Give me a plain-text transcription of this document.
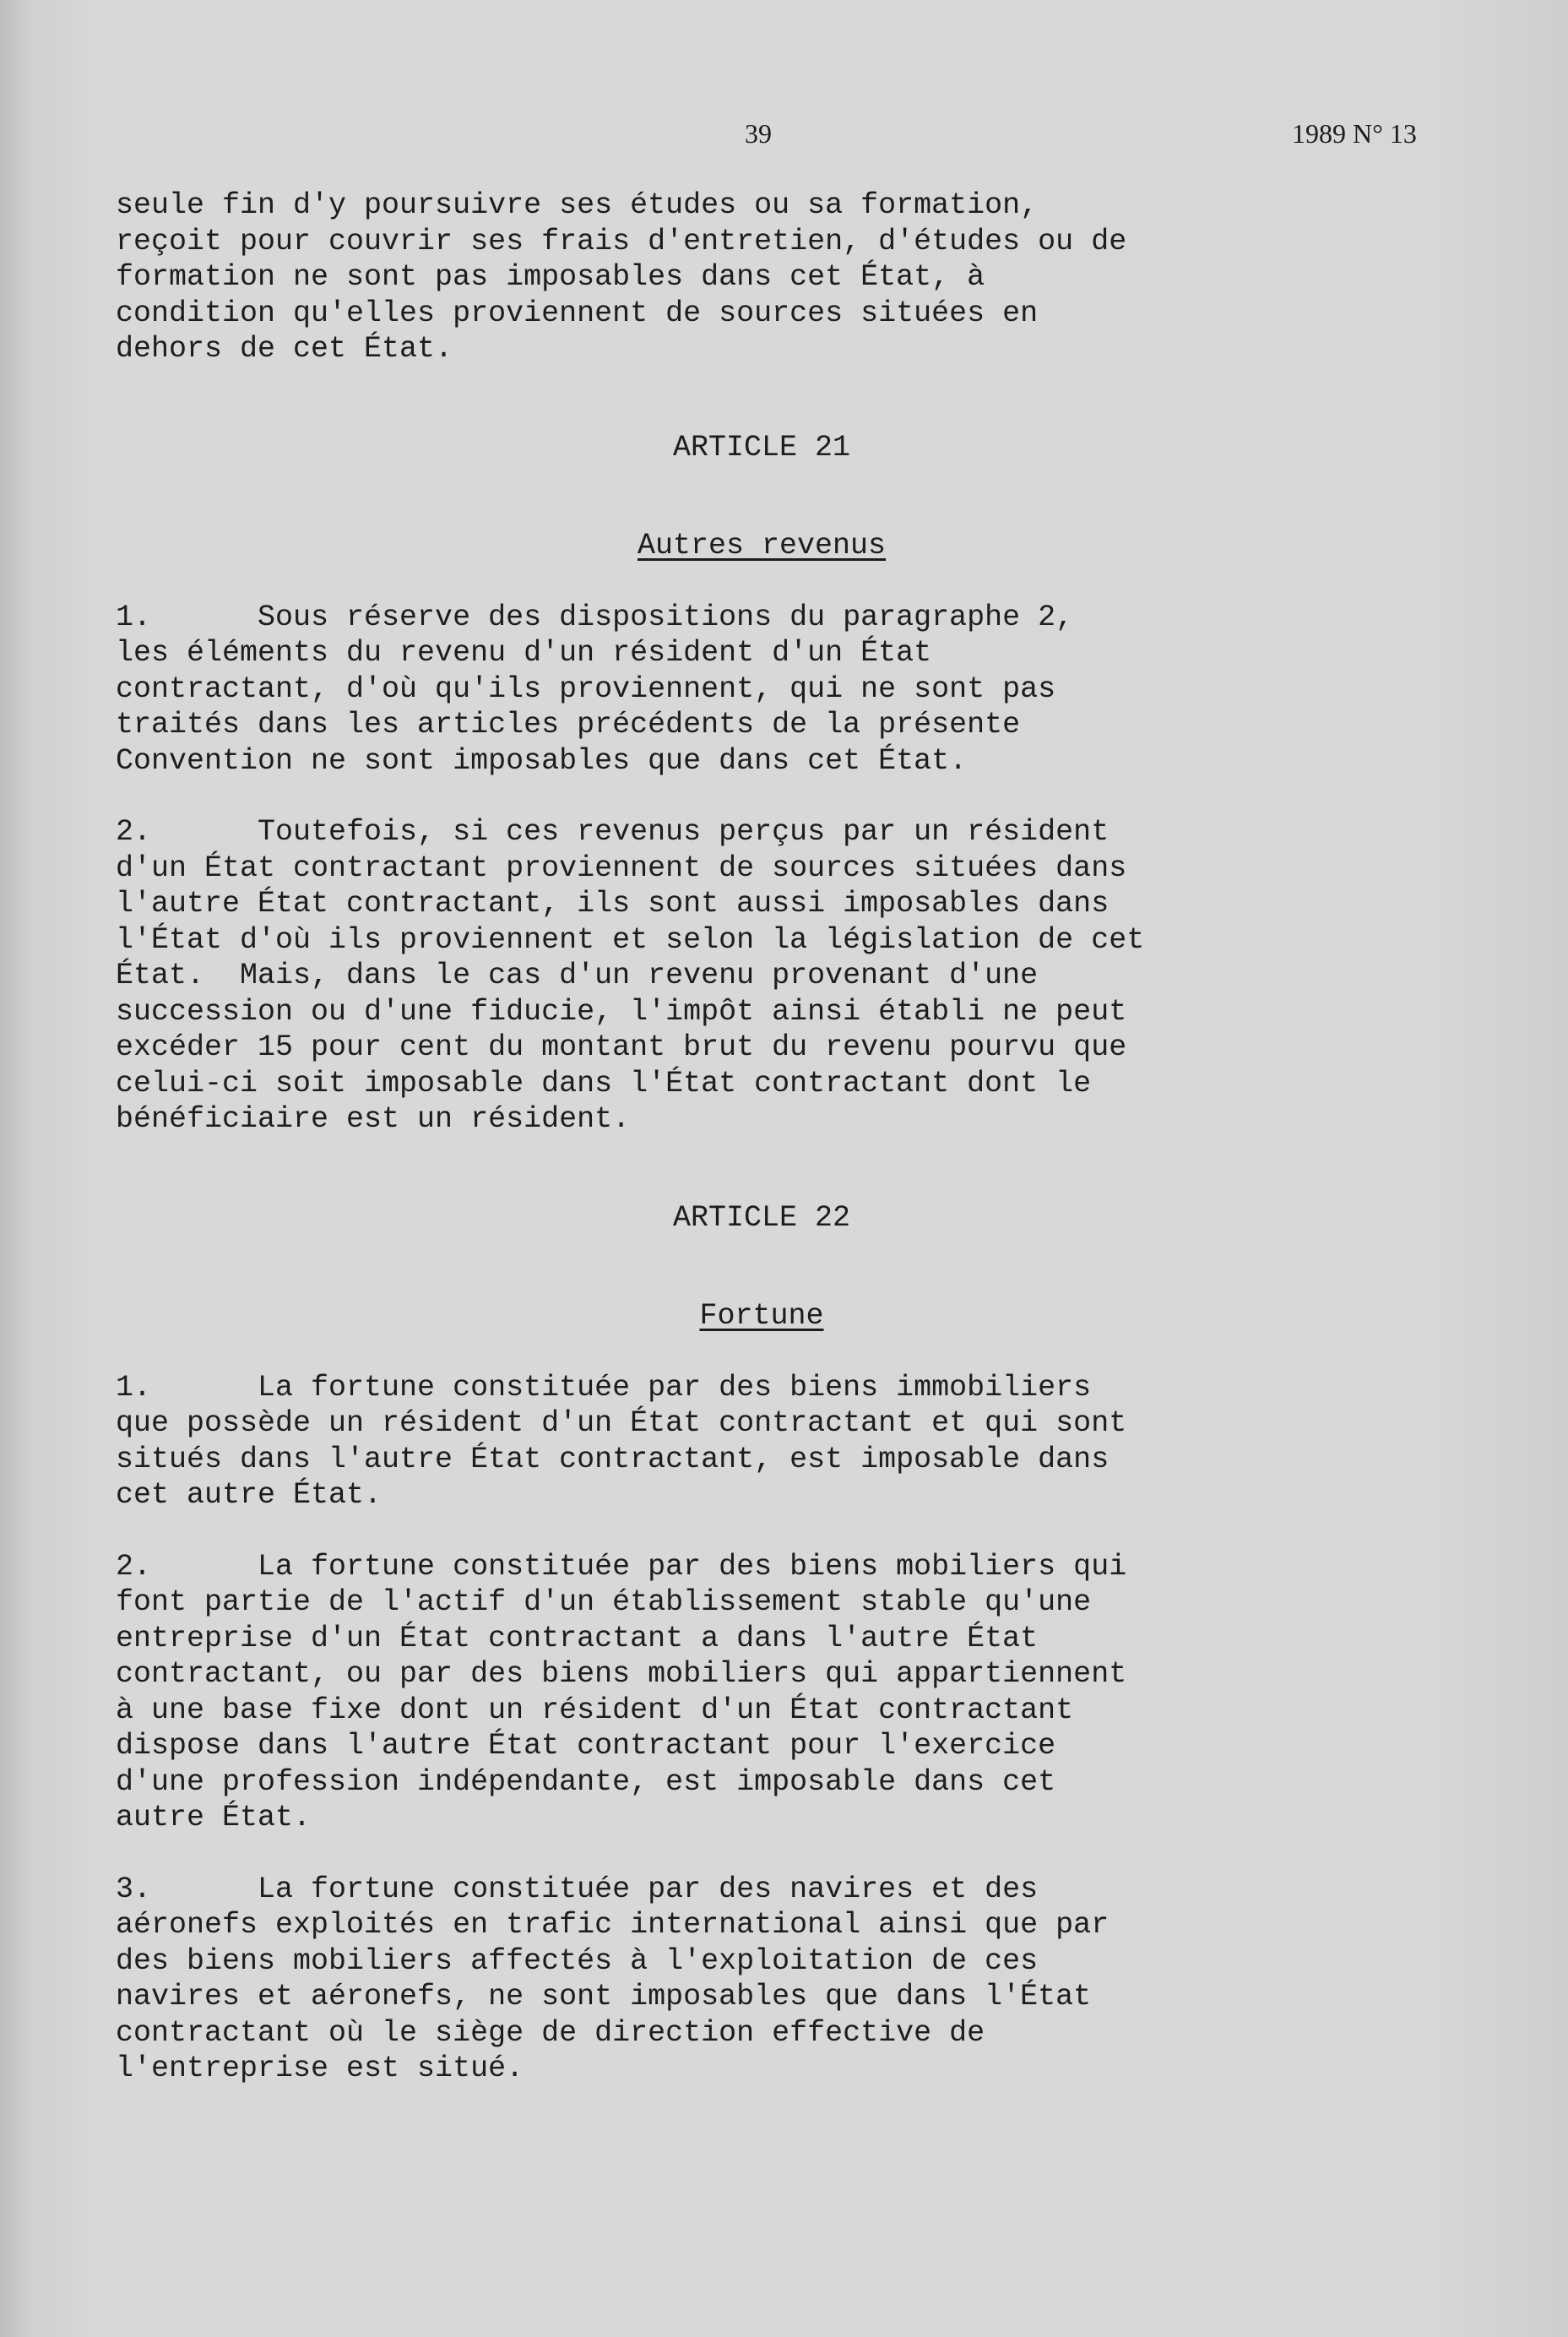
39	1989 N° 13

seule fin d'y poursuivre ses études ou sa formation,
reçoit pour couvrir ses frais d'entretien, d'études ou de
formation ne sont pas imposables dans cet État, à
condition qu'elles proviennent de sources situées en
dehors de cet État.

ARTICLE 21

Autres revenus

1.      Sous réserve des dispositions du paragraphe 2,
les éléments du revenu d'un résident d'un État
contractant, d'où qu'ils proviennent, qui ne sont pas
traités dans les articles précédents de la présente
Convention ne sont imposables que dans cet État.

2.      Toutefois, si ces revenus perçus par un résident
d'un État contractant proviennent de sources situées dans
l'autre État contractant, ils sont aussi imposables dans
l'État d'où ils proviennent et selon la législation de cet
État.  Mais, dans le cas d'un revenu provenant d'une
succession ou d'une fiducie, l'impôt ainsi établi ne peut
excéder 15 pour cent du montant brut du revenu pourvu que
celui-ci soit imposable dans l'État contractant dont le
bénéficiaire est un résident.

ARTICLE 22

Fortune

1.      La fortune constituée par des biens immobiliers
que possède un résident d'un État contractant et qui sont
situés dans l'autre État contractant, est imposable dans
cet autre État.

2.      La fortune constituée par des biens mobiliers qui
font partie de l'actif d'un établissement stable qu'une
entreprise d'un État contractant a dans l'autre État
contractant, ou par des biens mobiliers qui appartiennent
à une base fixe dont un résident d'un État contractant
dispose dans l'autre État contractant pour l'exercice
d'une profession indépendante, est imposable dans cet
autre État.

3.      La fortune constituée par des navires et des
aéronefs exploités en trafic international ainsi que par
des biens mobiliers affectés à l'exploitation de ces
navires et aéronefs, ne sont imposables que dans l'État
contractant où le siège de direction effective de
l'entreprise est situé.
